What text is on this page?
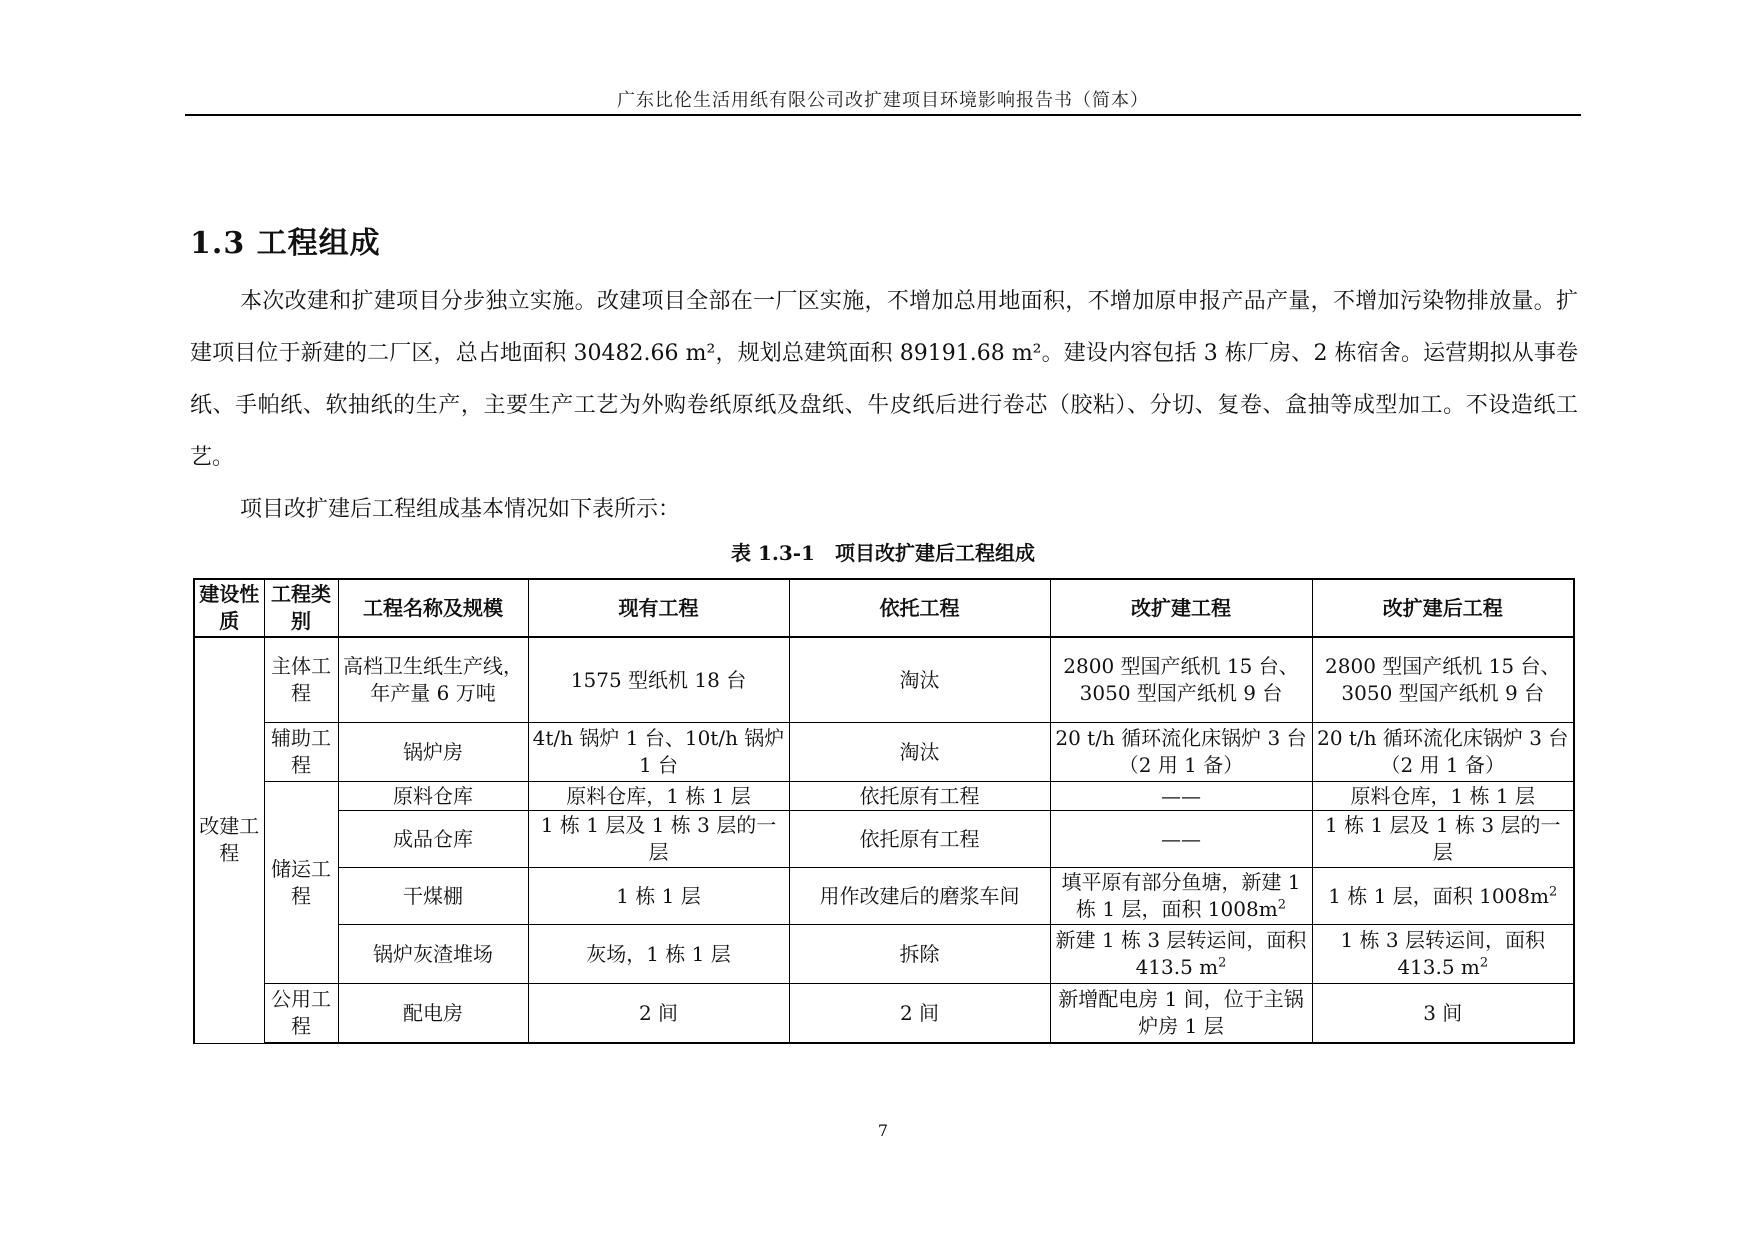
广东比伦生活用纸有限公司改扩建项目环境影响报告书（简本）
1.3 工程组成

本次改建和扩建项目分步独立实施。改建项目全部在一厂区实施，不增加总用地面积，不增加原申报产品产量，不增加污染物排放量。扩建项目位于新建的二厂区，总占地面积 30482.66 m²，规划总建筑面积 89191.68 m²。建设内容包括 3 栋厂房、2 栋宿舍。运营期拟从事卷纸、手帕纸、软抽纸的生产，主要生产工艺为外购卷纸原纸及盘纸、牛皮纸后进行卷芯（胶粘）、分切、复卷、盒抽等成型加工。不设造纸工艺。

项目改扩建后工程组成基本情况如下表所示：

表 1.3-1　项目改扩建后工程组成
建设性质	工程类别	工程名称及规模	现有工程	依托工程	改扩建工程	改扩建后工程
改建工程	主体工程	高档卫生纸生产线，年产量 6 万吨	1575 型纸机 18 台	淘汰	2800 型国产纸机 15 台、3050 型国产纸机 9 台	2800 型国产纸机 15 台、3050 型国产纸机 9 台
	辅助工程	锅炉房	4t/h 锅炉 1 台、10t/h 锅炉 1 台	淘汰	20 t/h 循环流化床锅炉 3 台（2 用 1 备）	20 t/h 循环流化床锅炉 3 台（2 用 1 备）
	储运工程	原料仓库	原料仓库，1 栋 1 层	依托原有工程	——	原料仓库，1 栋 1 层
		成品仓库	1 栋 1 层及 1 栋 3 层的一层	依托原有工程	——	1 栋 1 层及 1 栋 3 层的一层
		干煤棚	1 栋 1 层	用作改建后的磨浆车间	填平原有部分鱼塘，新建 1 栋 1 层，面积 $1008m^2$	1 栋 1 层，面积 $1008m^2$
		锅炉灰渣堆场	灰场，1 栋 1 层	拆除	新建 1 栋 3 层转运间，面积 413.5 $m^2$	1 栋 3 层转运间，面积 413.5 $m^2$
	公用工程	配电房	2 间	2 间	新增配电房 1 间，位于主锅炉房 1 层	3 间
7
